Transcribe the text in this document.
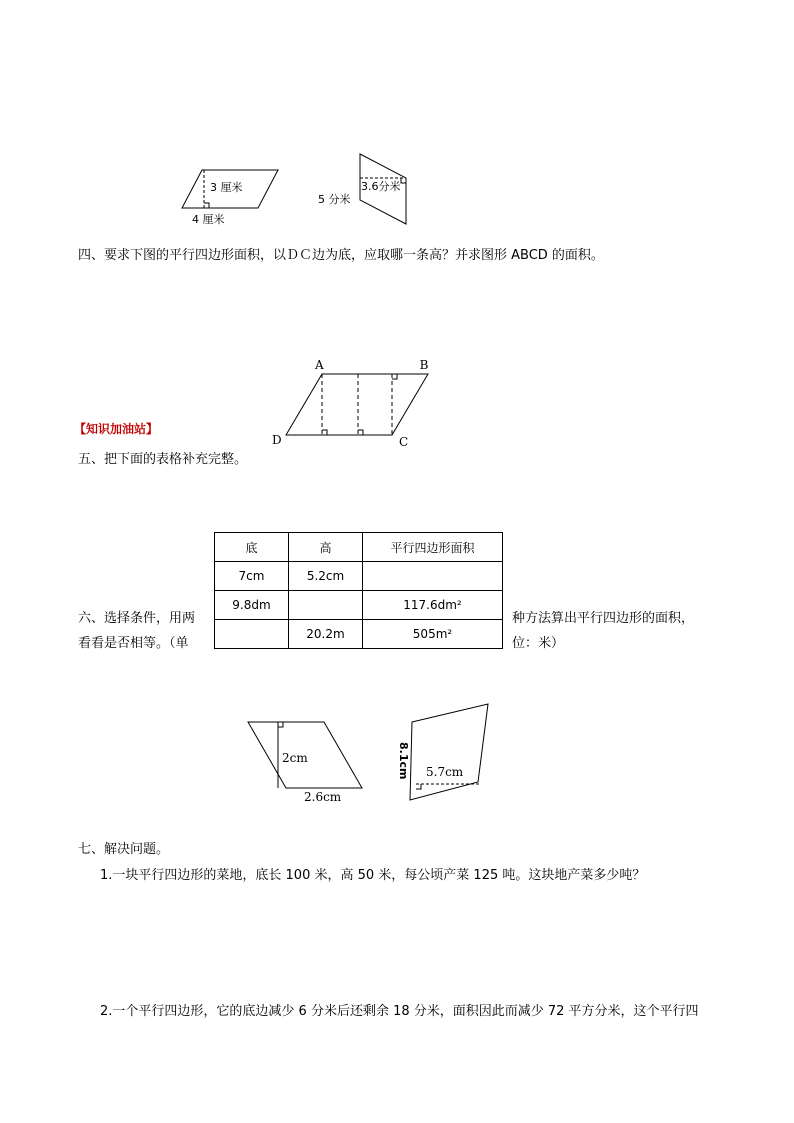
3 厘米
4 厘米
5 分米
3.6分米
四、要求下图的平行四边形面积，以ＤＣ边为底，应取哪一条高？并求图形 ABCD 的面积。
A	B
C
D
【知识加油站】
五、把下面的表格补充完整。
六、选择条件，用两
看看是否相等。（单
种方法算出平行四边形的面积，
位：米）
底	高	平行四边形面积
7cm	5.2cm	
9.8dm		117.6dm²
	20.2m	505m²
2cm
2.6cm
5.7cm
8.1cm
七、解决问题。
1.一块平行四边形的菜地，底长 100 米，高 50 米，每公顷产菜 125 吨。这块地产菜多少吨？
2.一个平行四边形，它的底边减少 6 分米后还剩余 18 分米，面积因此而减少 72 平方分米，这个平行四
